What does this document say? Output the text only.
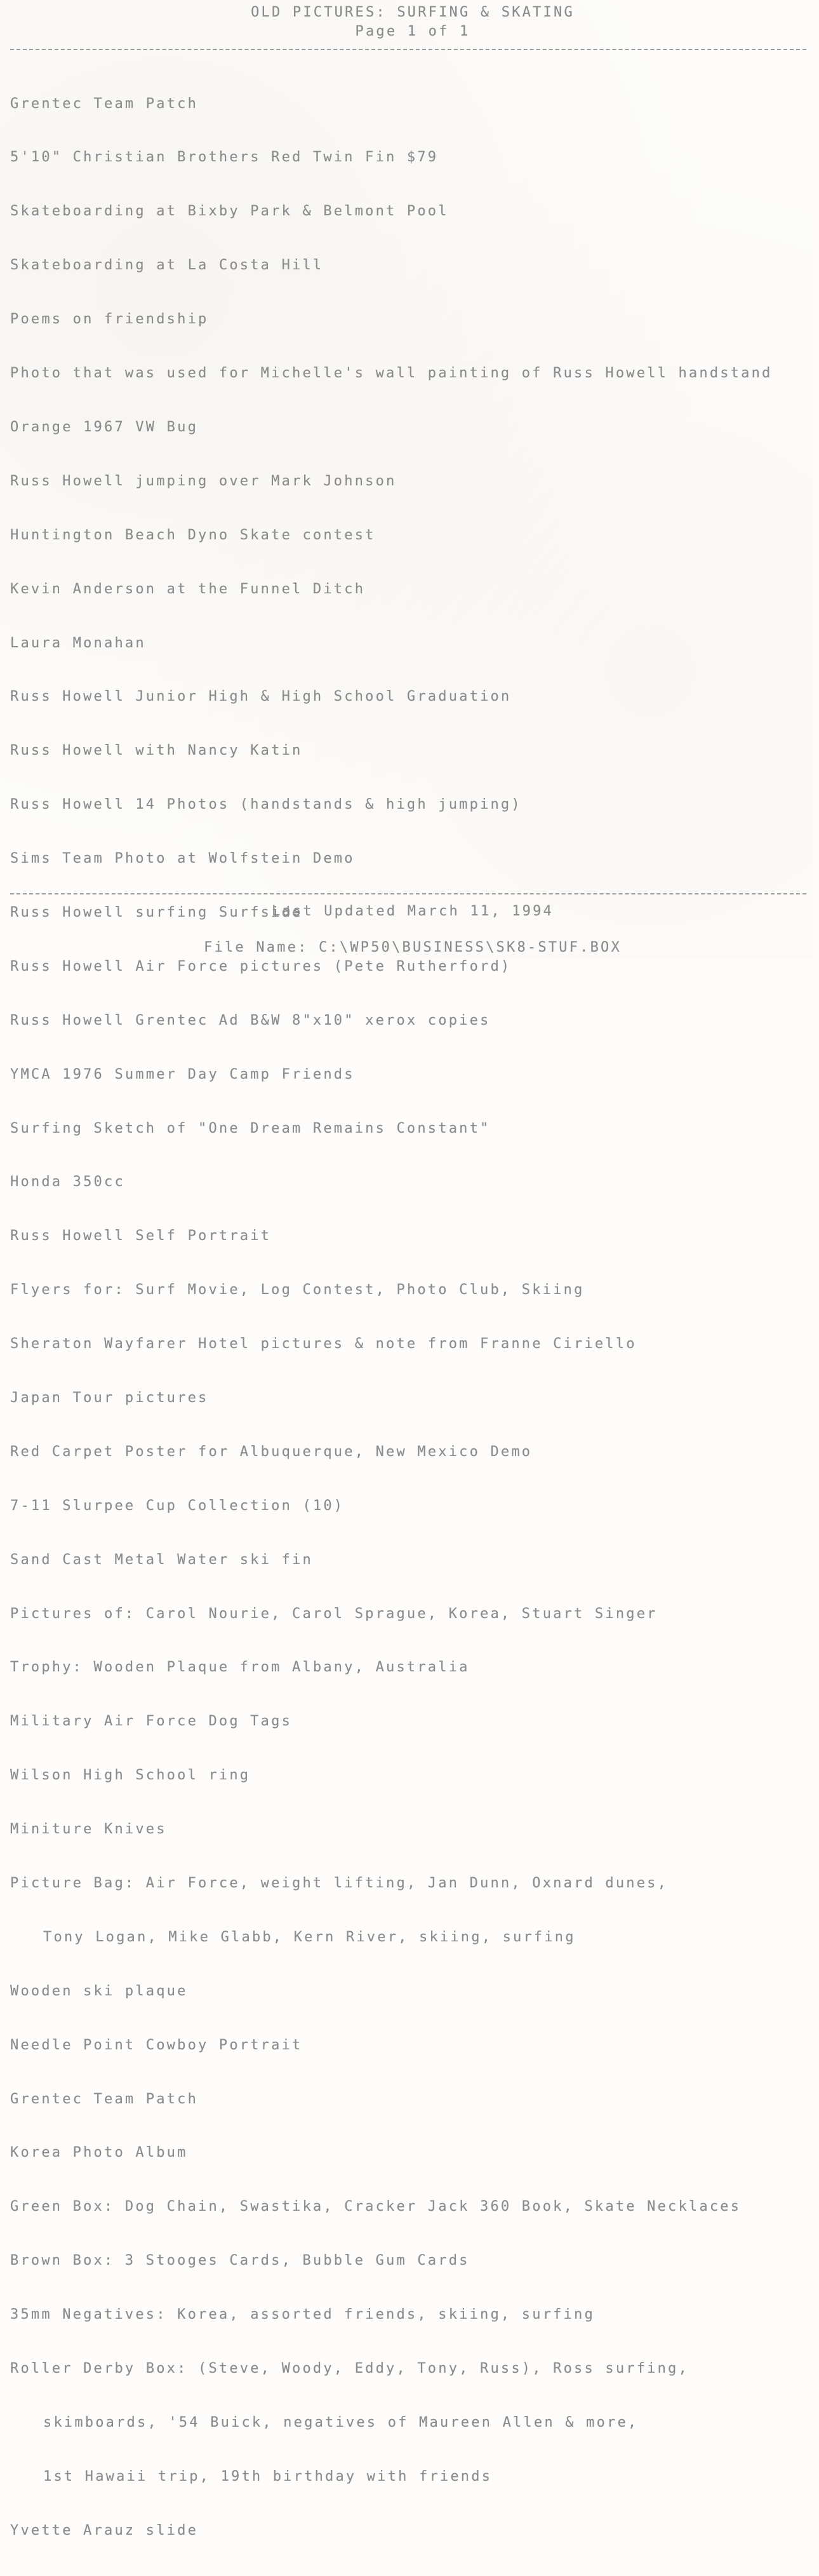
OLD PICTURES: SURFING & SKATING
Page 1 of 1

Grentec Team Patch

5'10" Christian Brothers Red Twin Fin $79

Skateboarding at Bixby Park & Belmont Pool

Skateboarding at La Costa Hill

Poems on friendship

Photo that was used for Michelle's wall painting of Russ Howell handstand

Orange 1967 VW Bug

Russ Howell jumping over Mark Johnson

Huntington Beach Dyno Skate contest

Kevin Anderson at the Funnel Ditch

Laura Monahan

Russ Howell Junior High & High School Graduation

Russ Howell with Nancy Katin

Russ Howell 14 Photos (handstands & high jumping)

Sims Team Photo at Wolfstein Demo

Russ Howell surfing Surfside

Russ Howell Air Force pictures (Pete Rutherford)

Russ Howell Grentec Ad B&W 8"x10" xerox copies

YMCA 1976 Summer Day Camp Friends

Surfing Sketch of "One Dream Remains Constant"

Honda 350cc

Russ Howell Self Portrait

Flyers for: Surf Movie, Log Contest, Photo Club, Skiing

Sheraton Wayfarer Hotel pictures & note from Franne Ciriello

Japan Tour pictures

Red Carpet Poster for Albuquerque, New Mexico Demo

7-11 Slurpee Cup Collection (10)

Sand Cast Metal Water ski fin

Pictures of: Carol Nourie, Carol Sprague, Korea, Stuart Singer

Trophy: Wooden Plaque from Albany, Australia

Military Air Force Dog Tags

Wilson High School ring

Miniture Knives

Picture Bag: Air Force, weight lifting, Jan Dunn, Oxnard dunes,

Tony Logan, Mike Glabb, Kern River, skiing, surfing

Wooden ski plaque

Needle Point Cowboy Portrait

Grentec Team Patch

Korea Photo Album

Green Box: Dog Chain, Swastika, Cracker Jack 360 Book, Skate Necklaces

Brown Box: 3 Stooges Cards, Bubble Gum Cards

35mm Negatives: Korea, assorted friends, skiing, surfing

Roller Derby Box: (Steve, Woody, Eddy, Tony, Russ), Ross surfing,

skimboards, '54 Buick, negatives of Maureen Allen & more,

1st Hawaii trip, 19th birthday with friends

Yvette Arauz slide

Last Updated March 11, 1994
File Name: C:\WP50\BUSINESS\SK8-STUF.BOX
